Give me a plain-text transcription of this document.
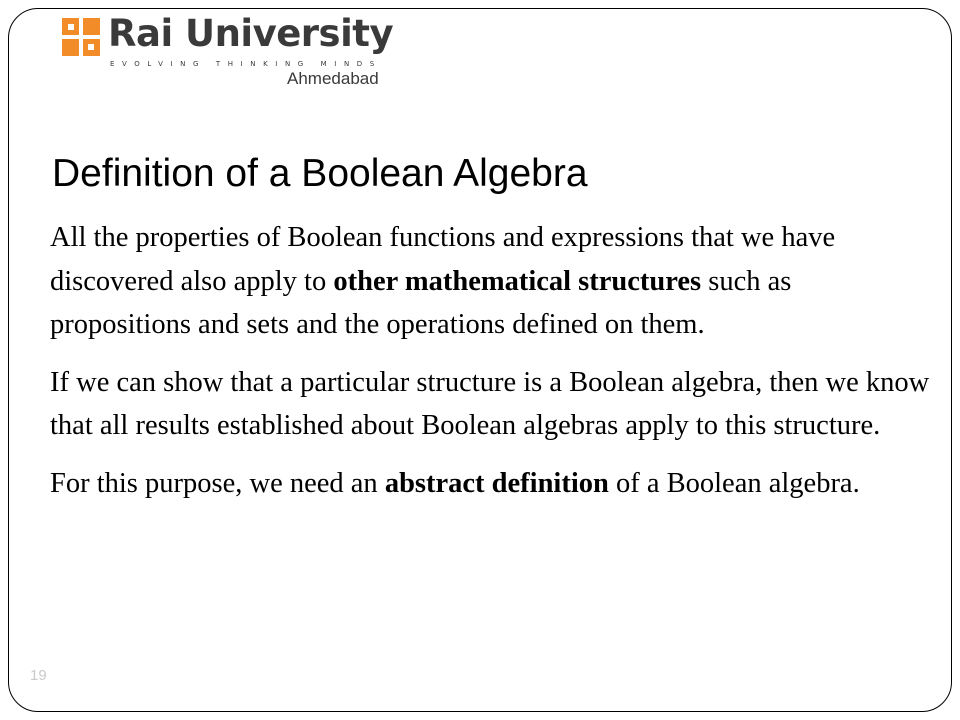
Rai University
EVOLVING THINKING MINDS
Ahmedabad
Definition of a Boolean Algebra

All the properties of Boolean functions and expressions that we have discovered also apply to other mathematical structures such as propositions and sets and the operations defined on them.

If we can show that a particular structure is a Boolean algebra, then we know that all results established about Boolean algebras apply to this structure.

For this purpose, we need an abstract definition of a Boolean algebra.

19
